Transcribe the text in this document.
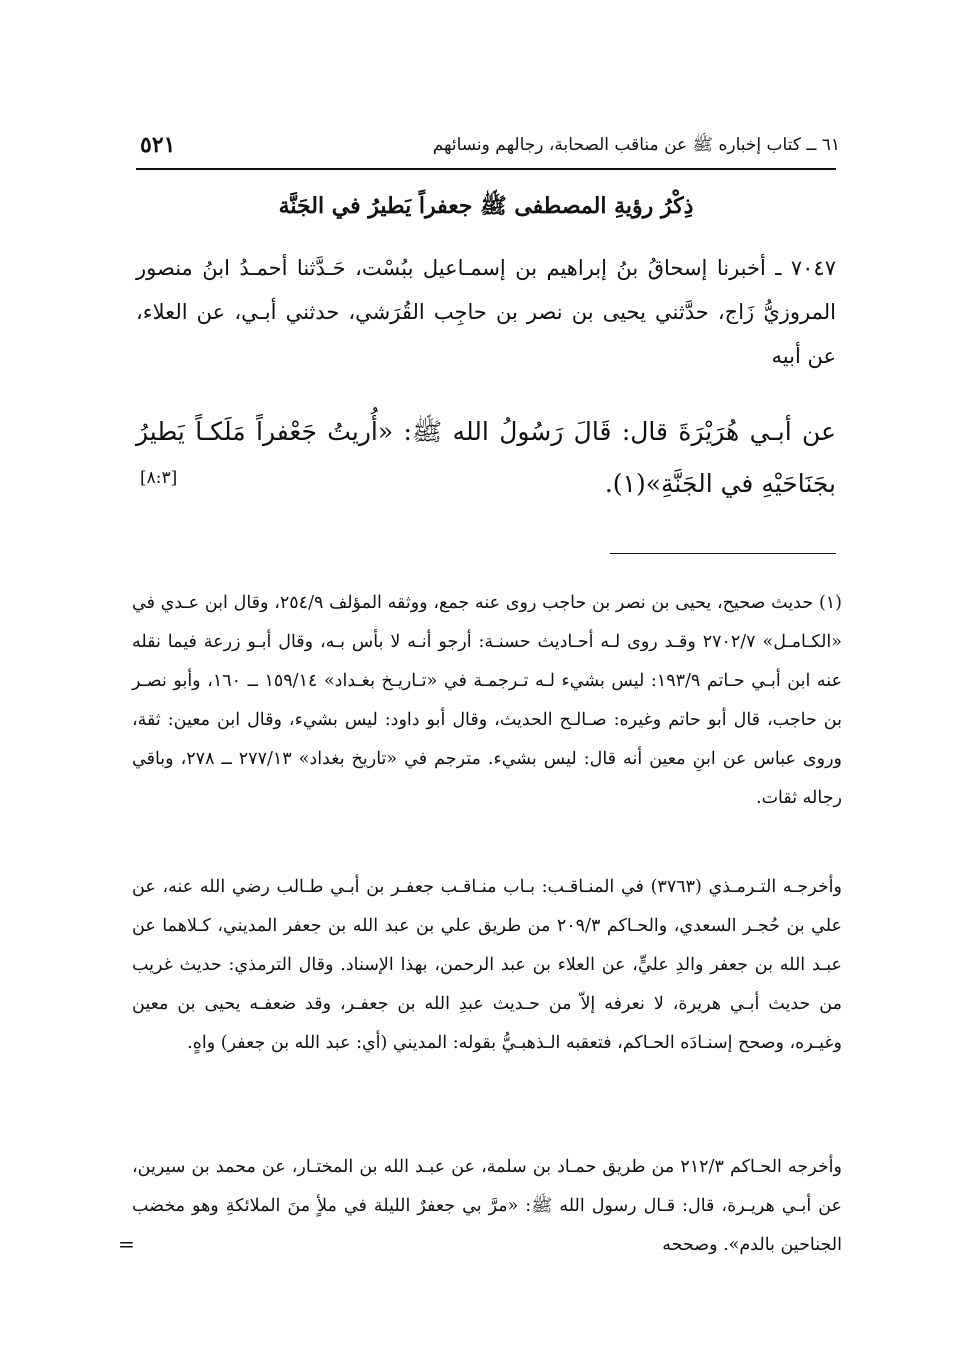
٥٢١	٦١ ــ كتاب إخباره ﷺ عن مناقب الصحابة، رجالهم ونسائهم
ذِكْرُ رؤيةِ المصطفى ﷺ جعفراً يَطيرُ في الجَنَّة
٧٠٤٧ ـ أخبرنا إسحاقُ بنُ إبراهيم بن إسمـاعيل ببُسْت، حَـدَّثنا أحمـدُ ابنُ منصور المروزيُّ زَاج، حدَّثني يحيى بن نصر بن حاجِب القُرَشي، حدثني أبـي، عن العلاء، عن أبيه
عن أبـي هُرَيْرَةَ قال: قَالَ رَسُولُ الله ﷺ: «أُريتُ جَعْفراً مَلَكـاً يَطيرُ بجَنَاحَيْهِ في الجَنَّةِ»(١).
[٨:٣]
(١) حديث صحيح، يحيى بن نصر بن حاجب روى عنه جمع، ووثقه المؤلف ٢٥٤/٩، وقال ابن عـدي في «الكـامـل» ٢٧٠٢/٧ وقـد روى لـه أحـاديث حسنـة: أرجو أنـه لا بأس بـه، وقال أبـو زرعة فيما نقله عنه ابن أبـي حـاتم ١٩٣/٩: ليس بشيء لـه تـرجمـة في «تـاريـخ بغـداد» ١٥٩/١٤ ــ ١٦٠، وأبو نصـر بن حاجب، قال أبو حاتم وغيره: صـالـح الحديث، وقال أبو داود: ليس بشيء، وقال ابن معين: ثقة، وروى عباس عن ابنِ معين أنه قال: ليس بشيء. مترجم في «تاريخ بغداد» ٢٧٧/١٣ ــ ٢٧٨، وباقي رجاله ثقات.
وأخرجـه التـرمـذي (٣٧٦٣) في المنـاقـب: بـاب منـاقـب جعفـر بن أبـي طـالب رضي الله عنه، عن علي بن حُجـر السعدي، والحـاكم ٢٠٩/٣ من طريق علي بن عبد الله بن جعفر المديني، كـلاهما عن عبـد الله بن جعفر والدِ عليٍّ، عن العلاء بن عبد الرحمن، بهذا الإسناد. وقال الترمذي: حديث غريب من حديث أبـي هريرة، لا نعرفه إلاّ من حـديث عبدِ الله بن جعفـر، وقد ضعفـه يحيى بن معين وغيـره، وصحح إسنـادَه الحـاكم، فتعقبه الـذهبـيُّ بقوله: المديني (أي: عبد الله بن جعفر) واهٍ.
وأخرجه الحـاكم ٢١٢/٣ من طريق حمـاد بن سلمة، عن عبـد الله بن المختـار، عن محمد بن سيرين، عن أبـي هريـرة، قال: قـال رسول الله ﷺ: «مرَّ بي جعفرٌ الليلة في ملأٍ منَ الملائكةِ وهو مخضب الجناحين بالدم». وصححه
=
